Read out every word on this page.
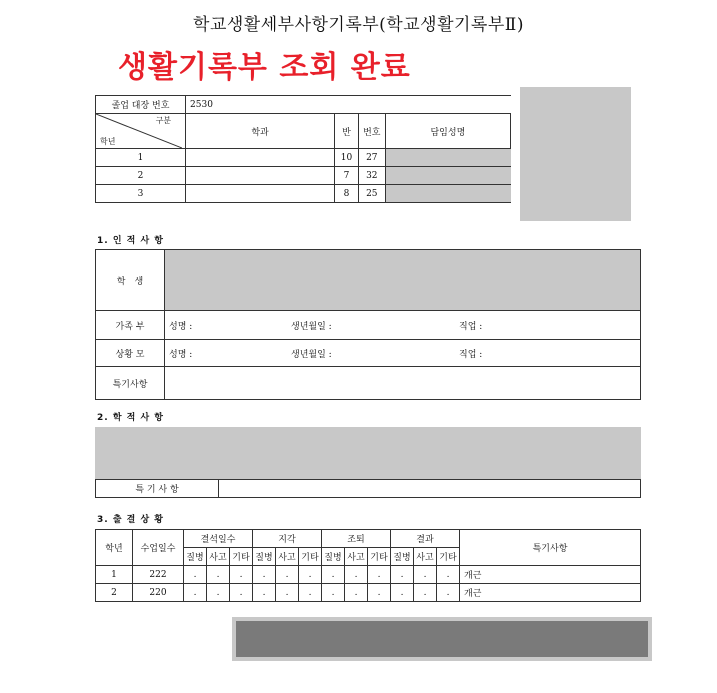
학교생활세부사항기록부(학교생활기록부Ⅱ)
생활기록부 조회 완료
졸업 대장 번호	2530			

구분
학년	학과	반	번호	담임성명
1		10	27	
2		7	32	
3		8	25	
1. 인 적 사 항
학　생			
가족 부	성명 :	생년월일 :	직업 :
상황 모	성명 :	생년월일 :	직업 :
특기사항			
2. 학 적 사 항
특 기 사 항	
3. 출 결 상 황
학년	수업일수	결석일수			지각			조퇴			결과			특기사항
		질병	사고	기타	질병	사고	기타	질병	사고	기타	질병	사고	기타	
1	222	.	.	.	.	.	.	.	.	.	.	.	.	개근
2	220	.	.	.	.	.	.	.	.	.	.	.	.	개근
